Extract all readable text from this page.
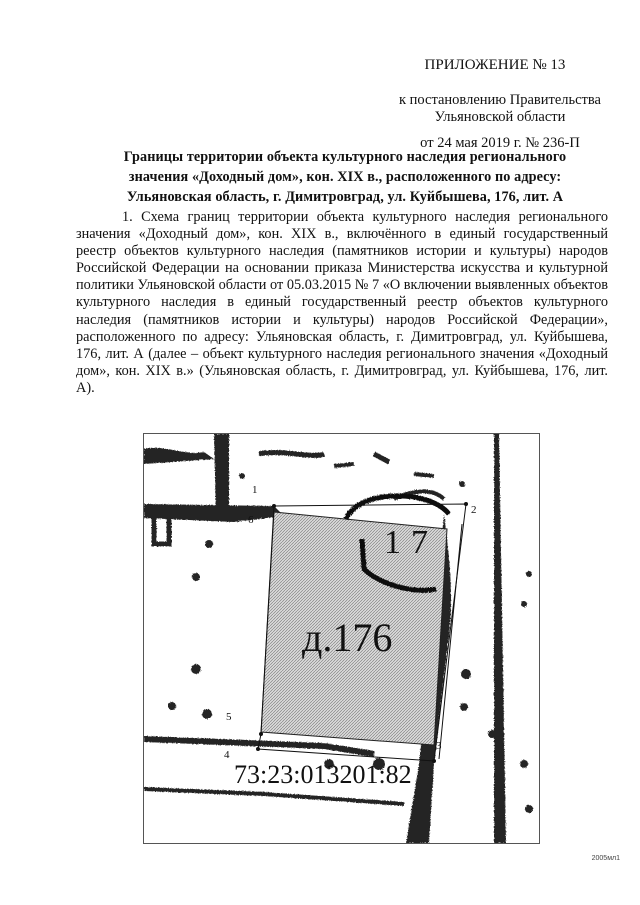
ПРИЛОЖЕНИЕ № 13
к постановлению Правительства
Ульяновской области
от 24 мая 2019 г. № 236-П
Границы территории объекта культурного наследия регионального
значения «Доходный дом», кон. XIX в., расположенного по адресу:
Ульяновская область, г. Димитровград, ул. Куйбышева, 176, лит. А
1. Схема границ территории объекта культурного наследия регионального значения «Доходный дом», кон. XIX в., включённого в единый государственный реестр объектов культурного наследия (памятников истории и культуры) народов Российской Федерации на основании приказа Министерства искусства и культурной политики Ульяновской области от 05.03.2015 № 7 «О включении выявленных объектов культурного наследия в единый государственный реестр объектов культурного наследия (памятников истории и культуры) народов Российской Федерации», расположенного по адресу: Ульяновская область, г. Димитровград, ул. Куйбышева, 176, лит. А (далее – объект культурного наследия регионального значения «Доходный дом», кон. XIX в.» (Ульяновская область, г. Димитровград, ул. Куйбышева, 176, лит. А).
17
д.176
73:23:013201:82
1
2
3
4
5
6
2005мл1
